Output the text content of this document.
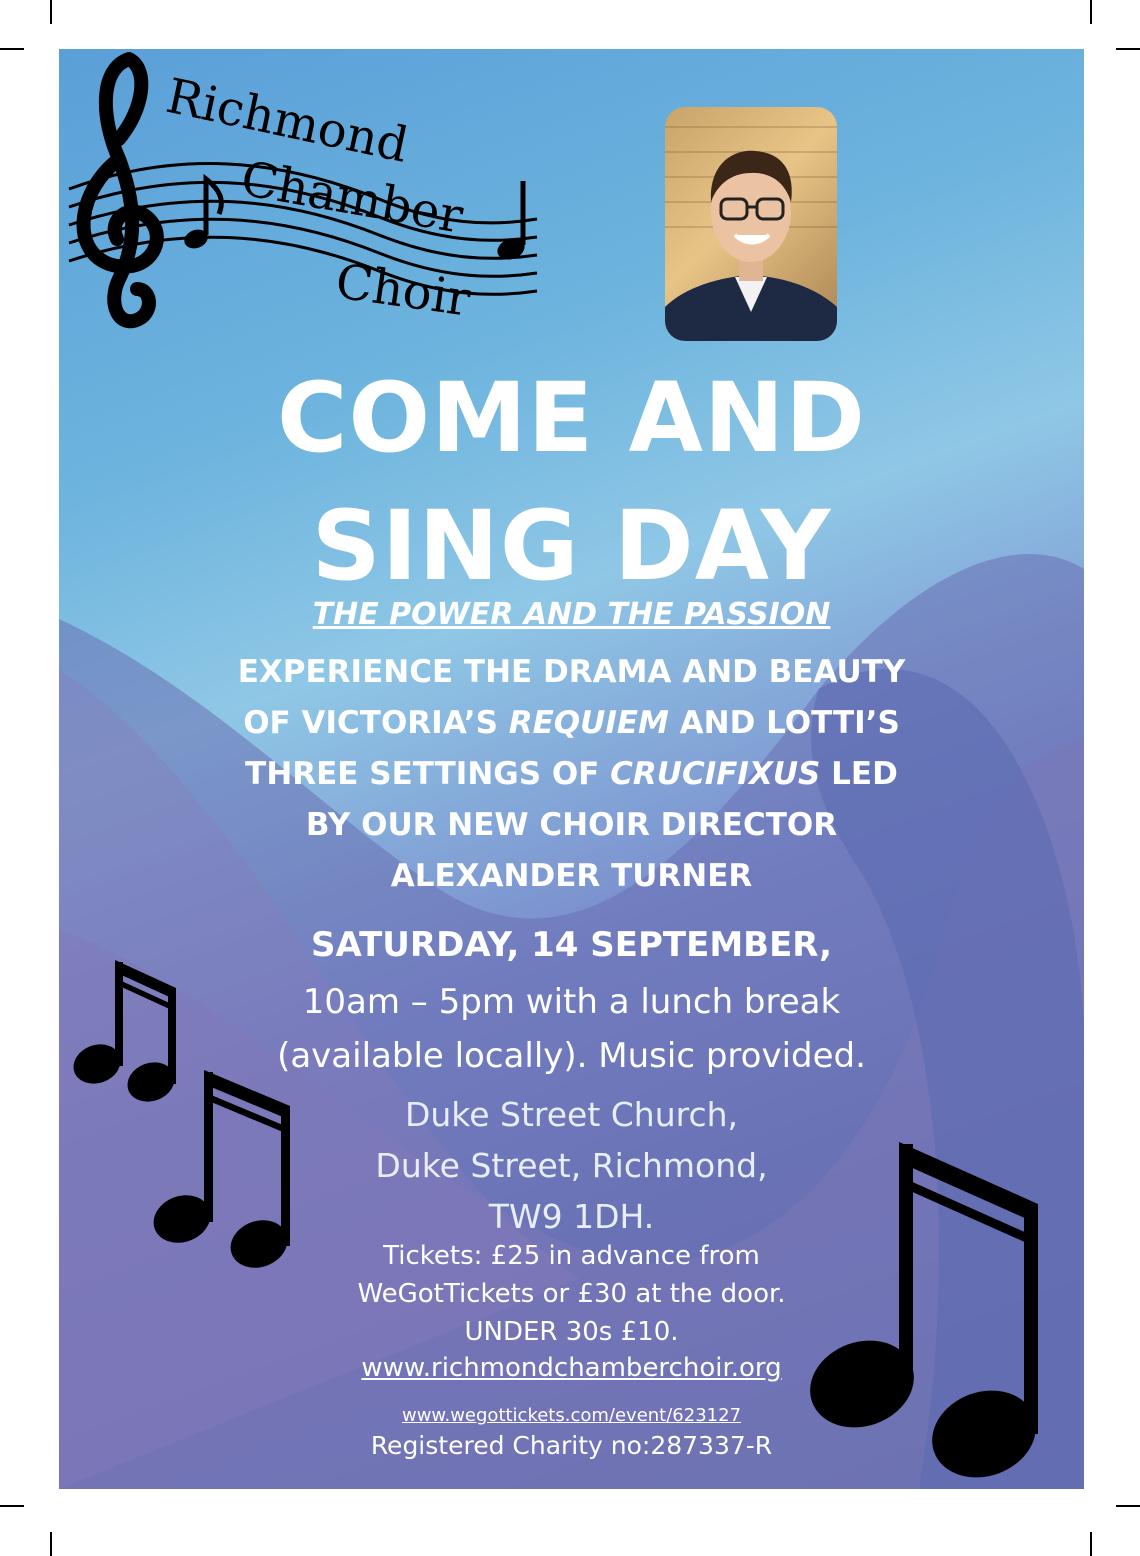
Richmond
Chamber
Choir
COME AND
SING DAY
THE POWER AND THE PASSION
EXPERIENCE THE DRAMA AND BEAUTY
OF VICTORIA’S REQUIEM AND LOTTI’S
THREE SETTINGS OF CRUCIFIXUS LED
BY OUR NEW CHOIR DIRECTOR
ALEXANDER TURNER
SATURDAY, 14 SEPTEMBER,
10am – 5pm with a lunch break
(available locally). Music provided.
Duke Street Church,
Duke Street, Richmond,
TW9 1DH.
Tickets: £25 in advance from
WeGotTickets or £30 at the door.
UNDER 30s £10.
www.richmondchamberchoir.org
www.wegottickets.com/event/623127
Registered Charity no:287337-R
